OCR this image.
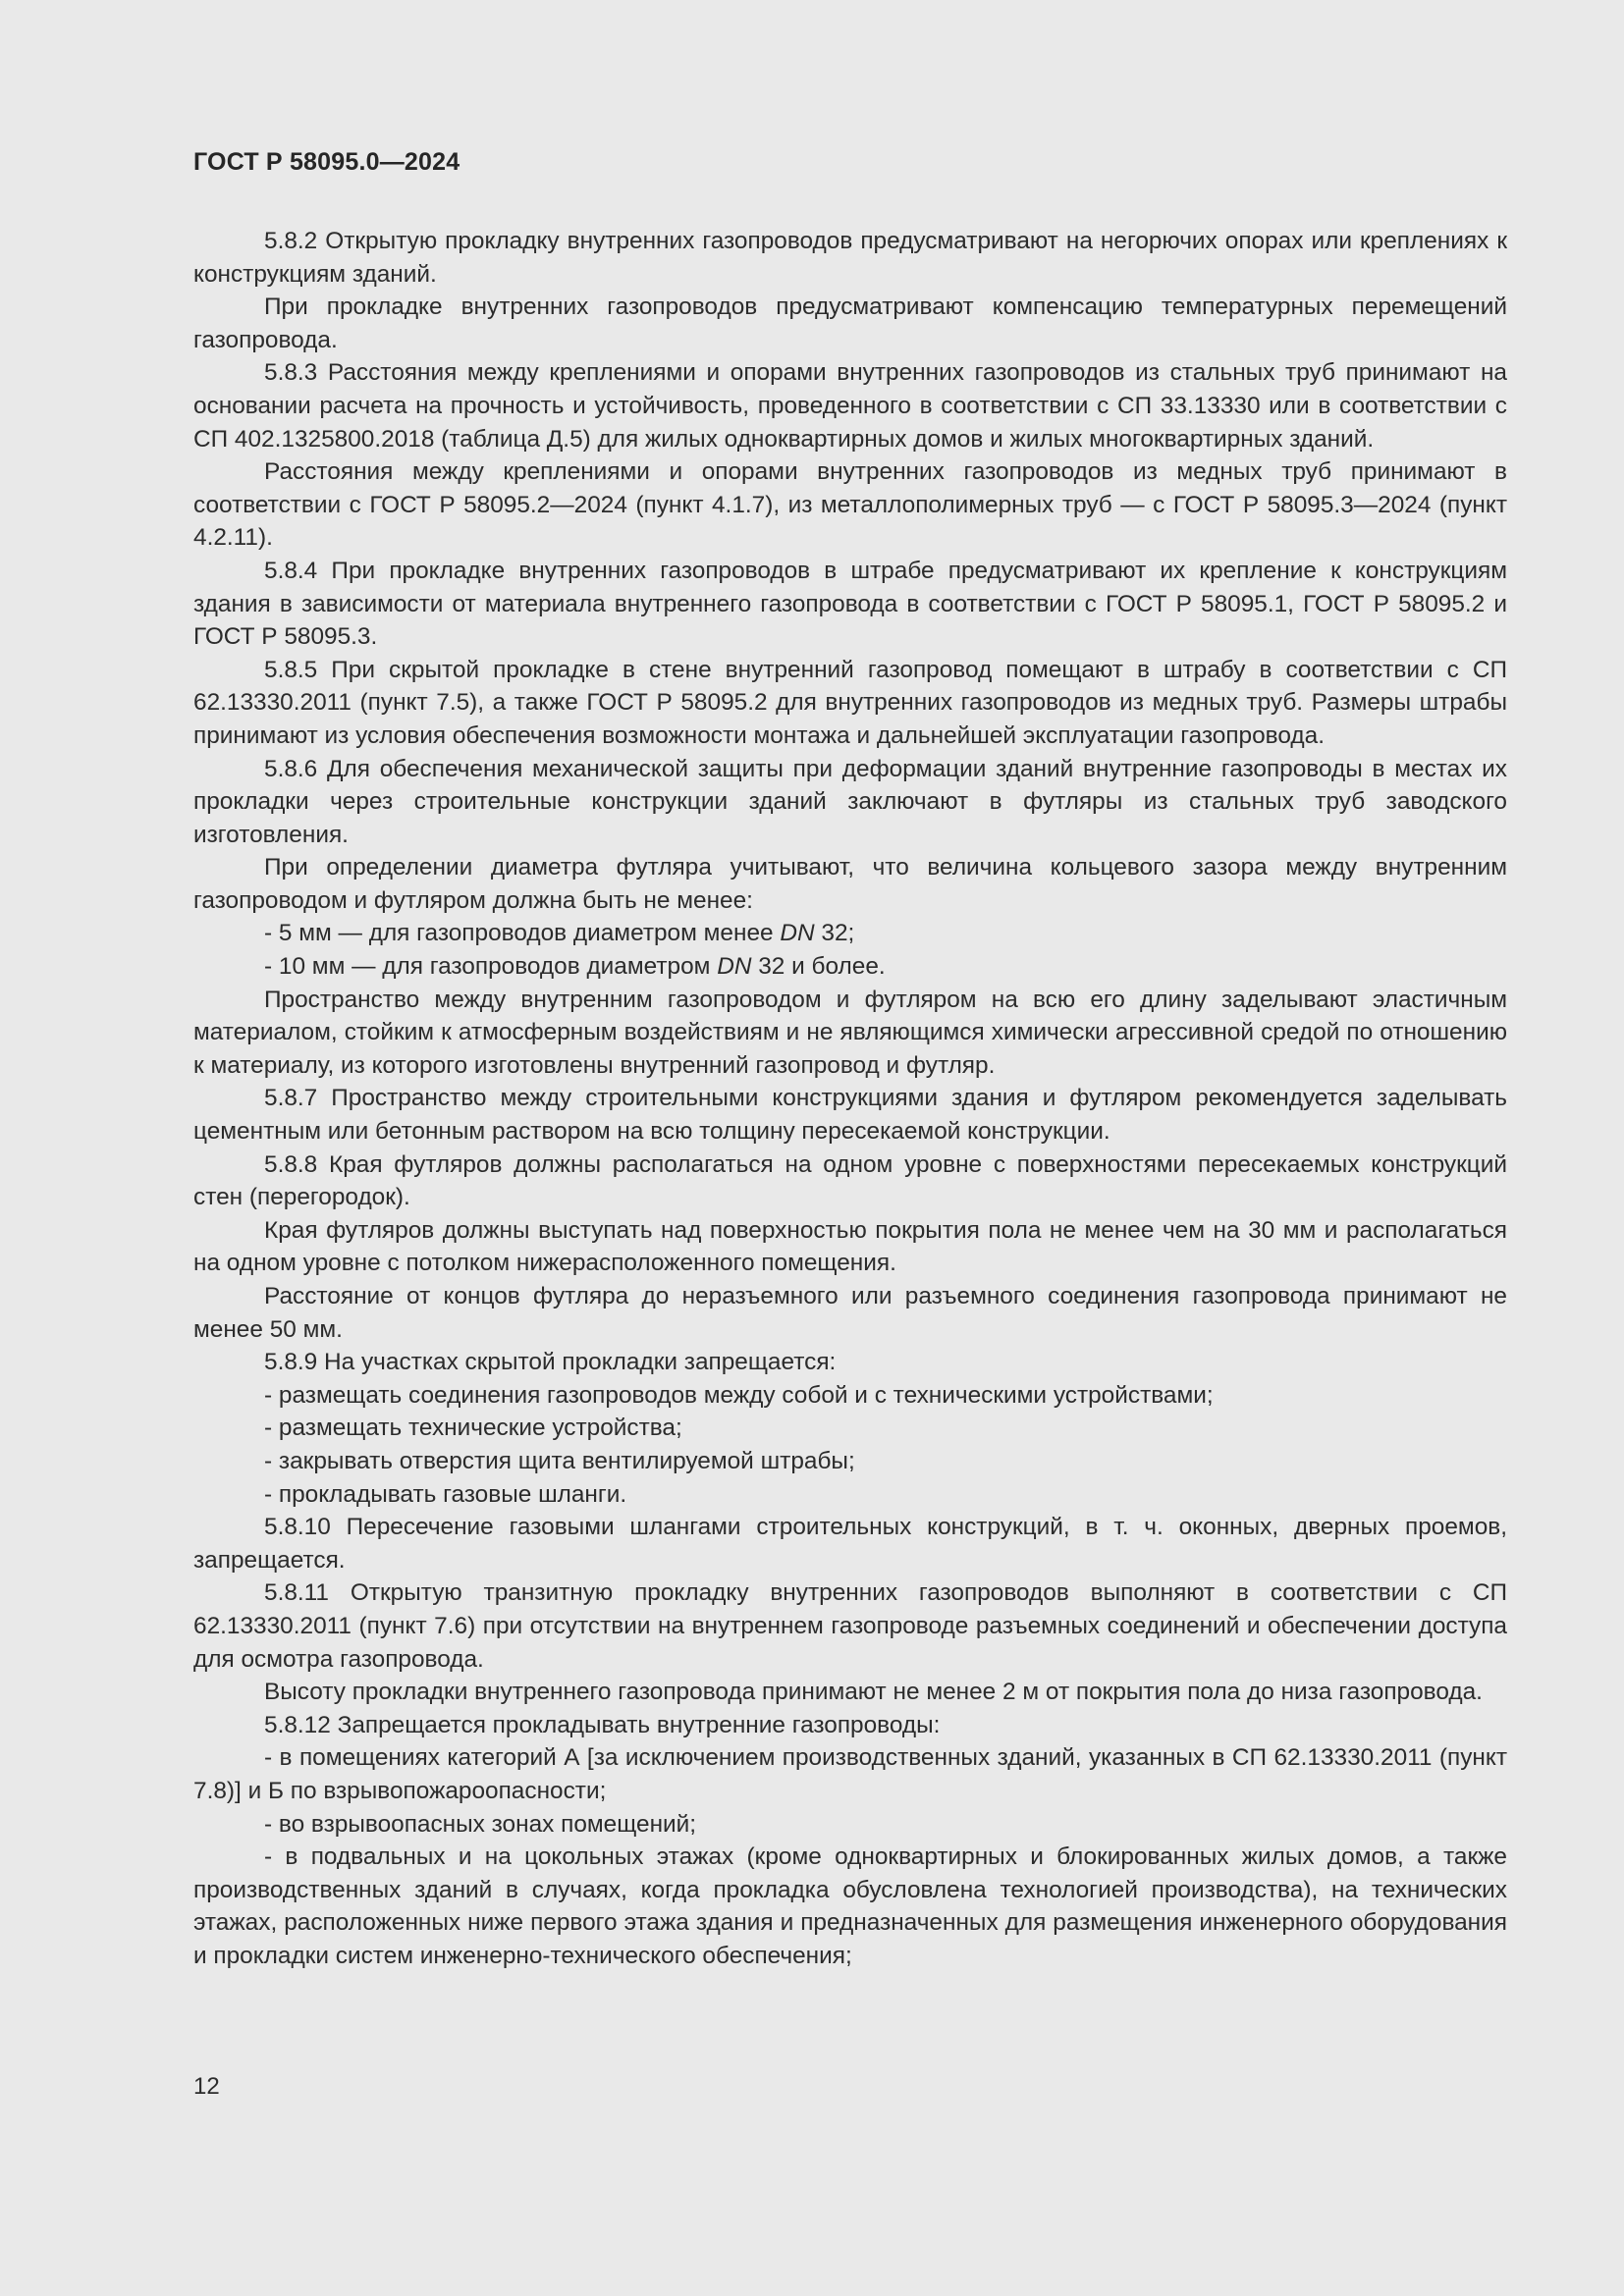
ГОСТ Р 58095.0—2024

5.8.2 Открытую прокладку внутренних газопроводов предусматривают на негорючих опорах или креплениях к конструкциям зданий.

При прокладке внутренних газопроводов предусматривают компенсацию температурных перемещений газопровода.

5.8.3 Расстояния между креплениями и опорами внутренних газопроводов из стальных труб принимают на основании расчета на прочность и устойчивость, проведенного в соответствии с СП 33.13330 или в соответствии с СП 402.1325800.2018 (таблица Д.5) для жилых одноквартирных домов и жилых многоквартирных зданий.

Расстояния между креплениями и опорами внутренних газопроводов из медных труб принимают в соответствии с ГОСТ Р 58095.2—2024 (пункт 4.1.7), из металлополимерных труб — с ГОСТ Р 58095.3—2024 (пункт 4.2.11).

5.8.4 При прокладке внутренних газопроводов в штрабе предусматривают их крепление к конструкциям здания в зависимости от материала внутреннего газопровода в соответствии с ГОСТ Р 58095.1, ГОСТ Р 58095.2 и ГОСТ Р 58095.3.

5.8.5 При скрытой прокладке в стене внутренний газопровод помещают в штрабу в соответствии с СП 62.13330.2011 (пункт 7.5), а также ГОСТ Р 58095.2 для внутренних газопроводов из медных труб. Размеры штрабы принимают из условия обеспечения возможности монтажа и дальнейшей эксплуатации газопровода.

5.8.6 Для обеспечения механической защиты при деформации зданий внутренние газопроводы в местах их прокладки через строительные конструкции зданий заключают в футляры из стальных труб заводского изготовления.

При определении диаметра футляра учитывают, что величина кольцевого зазора между внутренним газопроводом и футляром должна быть не менее:

- 5 мм — для газопроводов диаметром менее DN 32;

- 10 мм — для газопроводов диаметром DN 32 и более.

Пространство между внутренним газопроводом и футляром на всю его длину заделывают эластичным материалом, стойким к атмосферным воздействиям и не являющимся химически агрессивной средой по отношению к материалу, из которого изготовлены внутренний газопровод и футляр.

5.8.7 Пространство между строительными конструкциями здания и футляром рекомендуется заделывать цементным или бетонным раствором на всю толщину пересекаемой конструкции.

5.8.8 Края футляров должны располагаться на одном уровне с поверхностями пересекаемых конструкций стен (перегородок).

Края футляров должны выступать над поверхностью покрытия пола не менее чем на 30 мм и располагаться на одном уровне с потолком нижерасположенного помещения.

Расстояние от концов футляра до неразъемного или разъемного соединения газопровода принимают не менее 50 мм.

5.8.9 На участках скрытой прокладки запрещается:

- размещать соединения газопроводов между собой и с техническими устройствами;

- размещать технические устройства;

- закрывать отверстия щита вентилируемой штрабы;

- прокладывать газовые шланги.

5.8.10 Пересечение газовыми шлангами строительных конструкций, в т. ч. оконных, дверных проемов, запрещается.

5.8.11 Открытую транзитную прокладку внутренних газопроводов выполняют в соответствии с СП 62.13330.2011 (пункт 7.6) при отсутствии на внутреннем газопроводе разъемных соединений и обеспечении доступа для осмотра газопровода.

Высоту прокладки внутреннего газопровода принимают не менее 2 м от покрытия пола до низа газопровода.

5.8.12 Запрещается прокладывать внутренние газопроводы:

- в помещениях категорий А [за исключением производственных зданий, указанных в СП 62.13330.2011 (пункт 7.8)] и Б по взрывопожароопасности;

- во взрывоопасных зонах помещений;

- в подвальных и на цокольных этажах (кроме одноквартирных и блокированных жилых домов, а также производственных зданий в случаях, когда прокладка обусловлена технологией производства), на технических этажах, расположенных ниже первого этажа здания и предназначенных для размещения инженерного оборудования и прокладки систем инженерно-технического обеспечения;

12
